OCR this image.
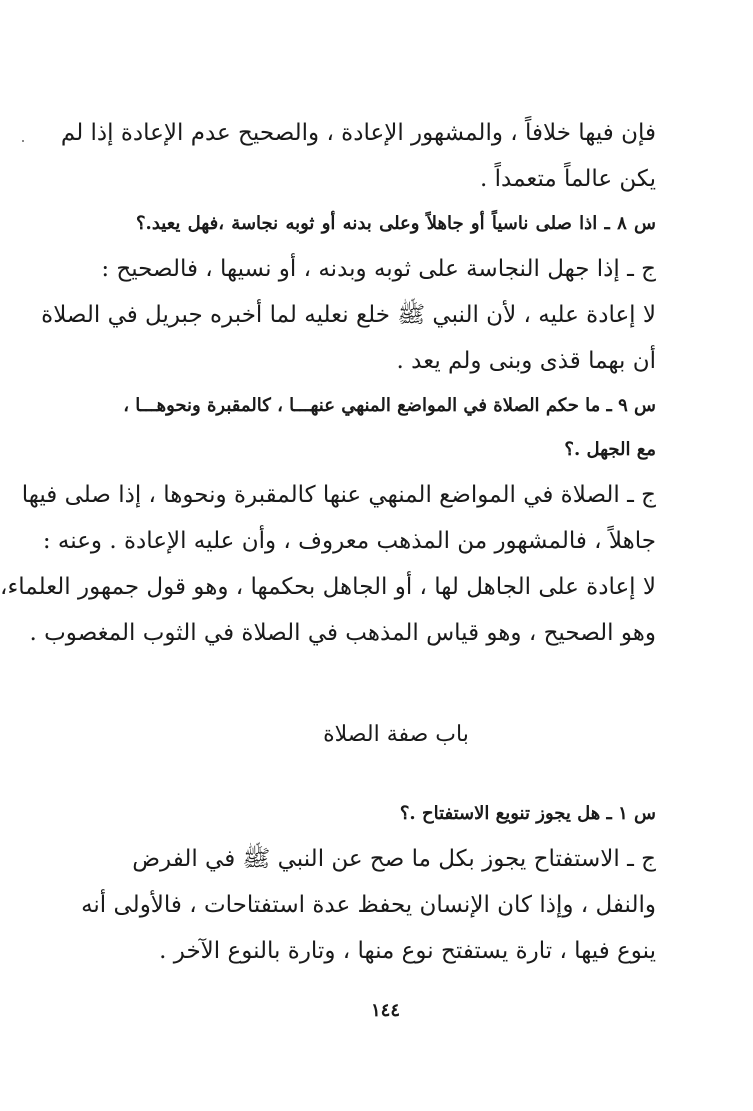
فإن فيها خلافاً ، والمشهور الإعادة ، والصحيح عدم الإعادة إذا لم
يكن عالماً متعمداً .
س ٨ ـ اذا صلى ناسياً أو جاهلاً وعلى بدنه أو ثوبه نجاسة ،فهل يعيد.؟
ج ـ إذا جهل النجاسة على ثوبه وبدنه ، أو نسيها ، فالصحيح :
لا إعادة عليه ، لأن النبي ﷺ خلع نعليه لما أخبره جبريل في الصلاة
أن بهما قذى وبنى ولم يعد .
س ٩ ـ ما حكم الصلاة في المواضع المنهي عنهـــا ، كالمقبرة ونحوهـــا ،
مع الجهل .؟
ج ـ الصلاة في المواضع المنهي عنها كالمقبرة ونحوها ، إذا صلى فيها
جاهلاً ، فالمشهور من المذهب معروف ، وأن عليه الإعادة . وعنه :
لا إعادة على الجاهل لها ، أو الجاهل بحكمها ، وهو قول جمهور العلماء،
وهو الصحيح ، وهو قياس المذهب في الصلاة في الثوب المغصوب .
باب صفة الصلاة
س ١ ـ هل يجوز تنويع الاستفتاح .؟
ج ـ الاستفتاح يجوز بكل ما صح عن النبي ﷺ في الفرض
والنفل ، وإذا كان الإنسان يحفظ عدة استفتاحات ، فالأولى أنه
ينوع فيها ، تارة يستفتح نوع منها ، وتارة بالنوع الآخر .
١٤٤
